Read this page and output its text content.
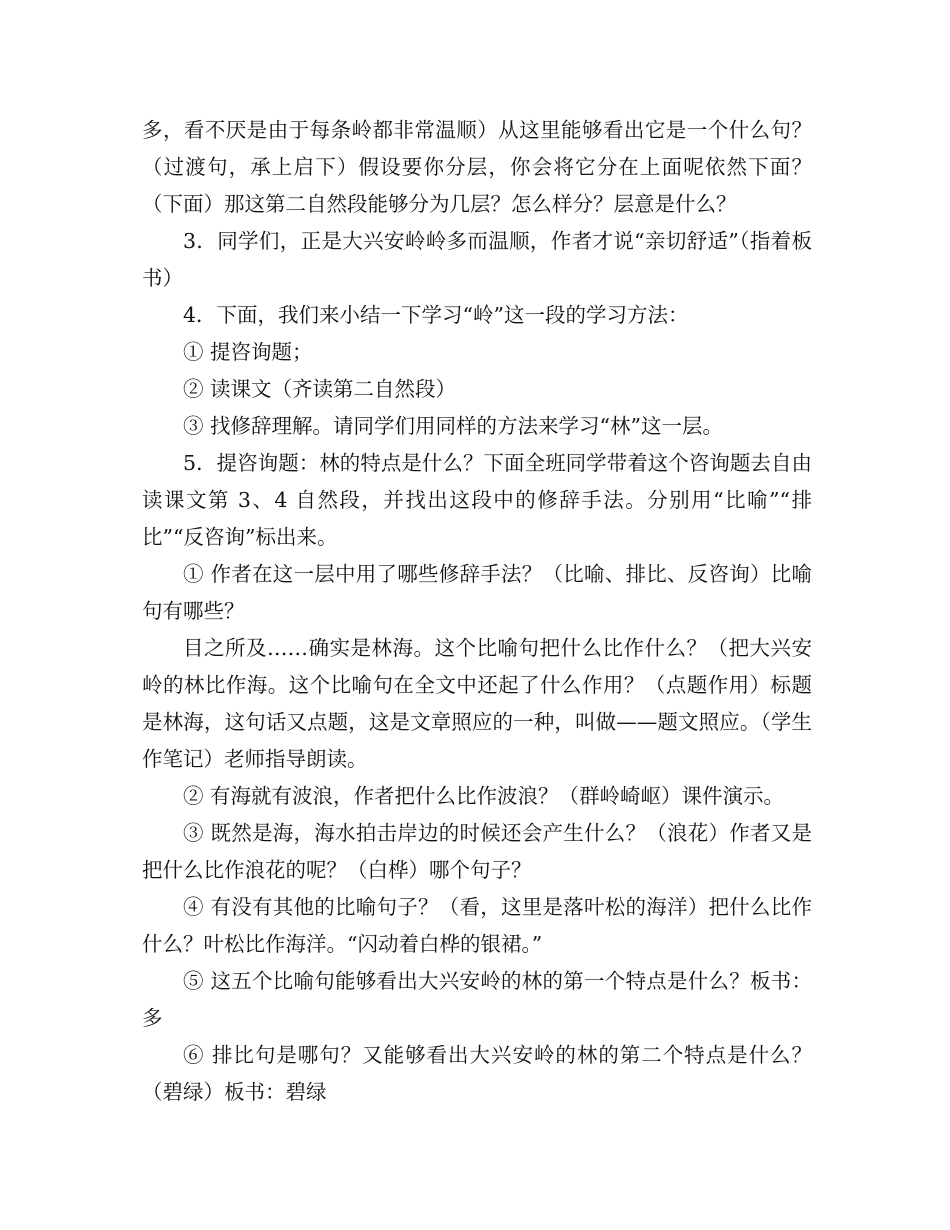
多，看不厌是由于每条岭都非常温顺）从这里能够看出它是一个什么句？（过渡句，承上启下）假设要你分层，你会将它分在上面呢依然下面？（下面）那这第二自然段能够分为几层？怎么样分？层意是什么？

3．同学们，正是大兴安岭岭多而温顺，作者才说“亲切舒适”（指着板书）

4．下面，我们来小结一下学习“岭”这一段的学习方法：

① 提咨询题；

② 读课文（齐读第二自然段）

③ 找修辞理解。请同学们用同样的方法来学习“林”这一层。

5．提咨询题：林的特点是什么？下面全班同学带着这个咨询题去自由读课文第 3、4 自然段，并找出这段中的修辞手法。分别用“比喻”“排比”“反咨询”标出来。

① 作者在这一层中用了哪些修辞手法？（比喻、排比、反咨询）比喻句有哪些？

目之所及……确实是林海。这个比喻句把什么比作什么？（把大兴安岭的林比作海。这个比喻句在全文中还起了什么作用？（点题作用）标题是林海，这句话又点题，这是文章照应的一种，叫做——题文照应。（学生作笔记）老师指导朗读。

② 有海就有波浪，作者把什么比作波浪？（群岭崎岖）课件演示。

③ 既然是海，海水拍击岸边的时候还会产生什么？（浪花）作者又是把什么比作浪花的呢？（白桦）哪个句子？

④ 有没有其他的比喻句子？（看，这里是落叶松的海洋）把什么比作什么？叶松比作海洋。“闪动着白桦的银裙。”

⑤ 这五个比喻句能够看出大兴安岭的林的第一个特点是什么？板书：多

⑥ 排比句是哪句？又能够看出大兴安岭的林的第二个特点是什么？（碧绿）板书：碧绿
